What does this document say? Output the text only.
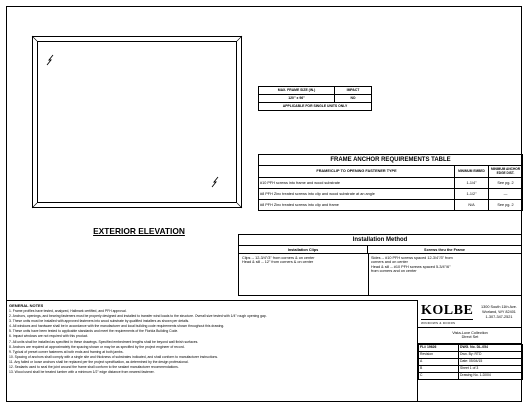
EXTERIOR ELEVATION
MAX. FRAME SIZE (IN.)	IMPACT
120" x 96"	NO
APPLICABLE FOR SINGLE UNITS ONLY	
FRAME ANCHOR REQUIREMENTS TABLE		
FRAME/CLIP TO OPENING FASTENER TYPE	MINIMUM EMBED	MINIMUM ANCHOR EDGE DIST.
#10 PFH screws into frame and wood substrate	1-1/4"	See pg. 2
#8 PFH Zinc treated screws into clip and wood substrate at an angle	1-1/2"	—
#8 PFH Zinc treated screws into clip and frame	N/A	See pg. 2
Installation Method
Installation Clips	Screws thru the Frame
Clips -- 12-3/4"/3" from corners & on center
Head & sill -- 12" from corners & on center
Sides -- #10 PFH screws spaced 12-3/4"/3" from
corners and on center
Head & sill -- #10 PFH screws spaced 5-3/4"/6"
from corners and on center
GENERAL NOTES
1. Frame profiles have tested, analyzed, Hallmark certified, and PFH approval.
2. Anchors, openings, and bearing fasteners must be properly designed and installed to transfer wind loads to the structure. Overall size tested with 1/4" rough opening gap.
3. These units must be installed with approved fasteners into wood substrate by qualified installers as shown per details.
4. All windows and hardware shall be in accordance with the manufacturer and local building code requirements shown throughout this drawing.
5. These units have been tested to applicable standards and meet the requirements of the Florida Building Code.
6. Impact windows are not required with this product.
7. All units shall be installed as specified in these drawings. Specified embedment lengths shall be beyond wall finish surfaces.
8. Anchors are required at approximately the spacing shown or may be as specified by the project engineer of record.
9. Typical of preset corner fasteners at both ends and framing at both jambs.
10. Spacing of anchors shall comply with a single site and thickness of substrates indicated, and shall conform to manufacturer instructions.
11. Any failed or loose anchors shall be replaced per the project specification, as determined by the design professional.
12. Sealants used to seal the joint around the frame shall conform to the sealant manufacturer recommendations.
13. Wood used shall be treated lumber with a minimum 1/2" edge distance from nearest fastener.
KOLBE
WINDOWS & DOORS
1300 South 11th Ave.
Worland, WY 82401
1-307-347-2521
Vista-Luxe Collection
Direct Set
FL# 19626	DWG. No. DL-054
Revision	Dwn. By: RTD
A	Date: 05/04/15
B	Sheet 1 of 3
C	Drawing No. 1-D004
